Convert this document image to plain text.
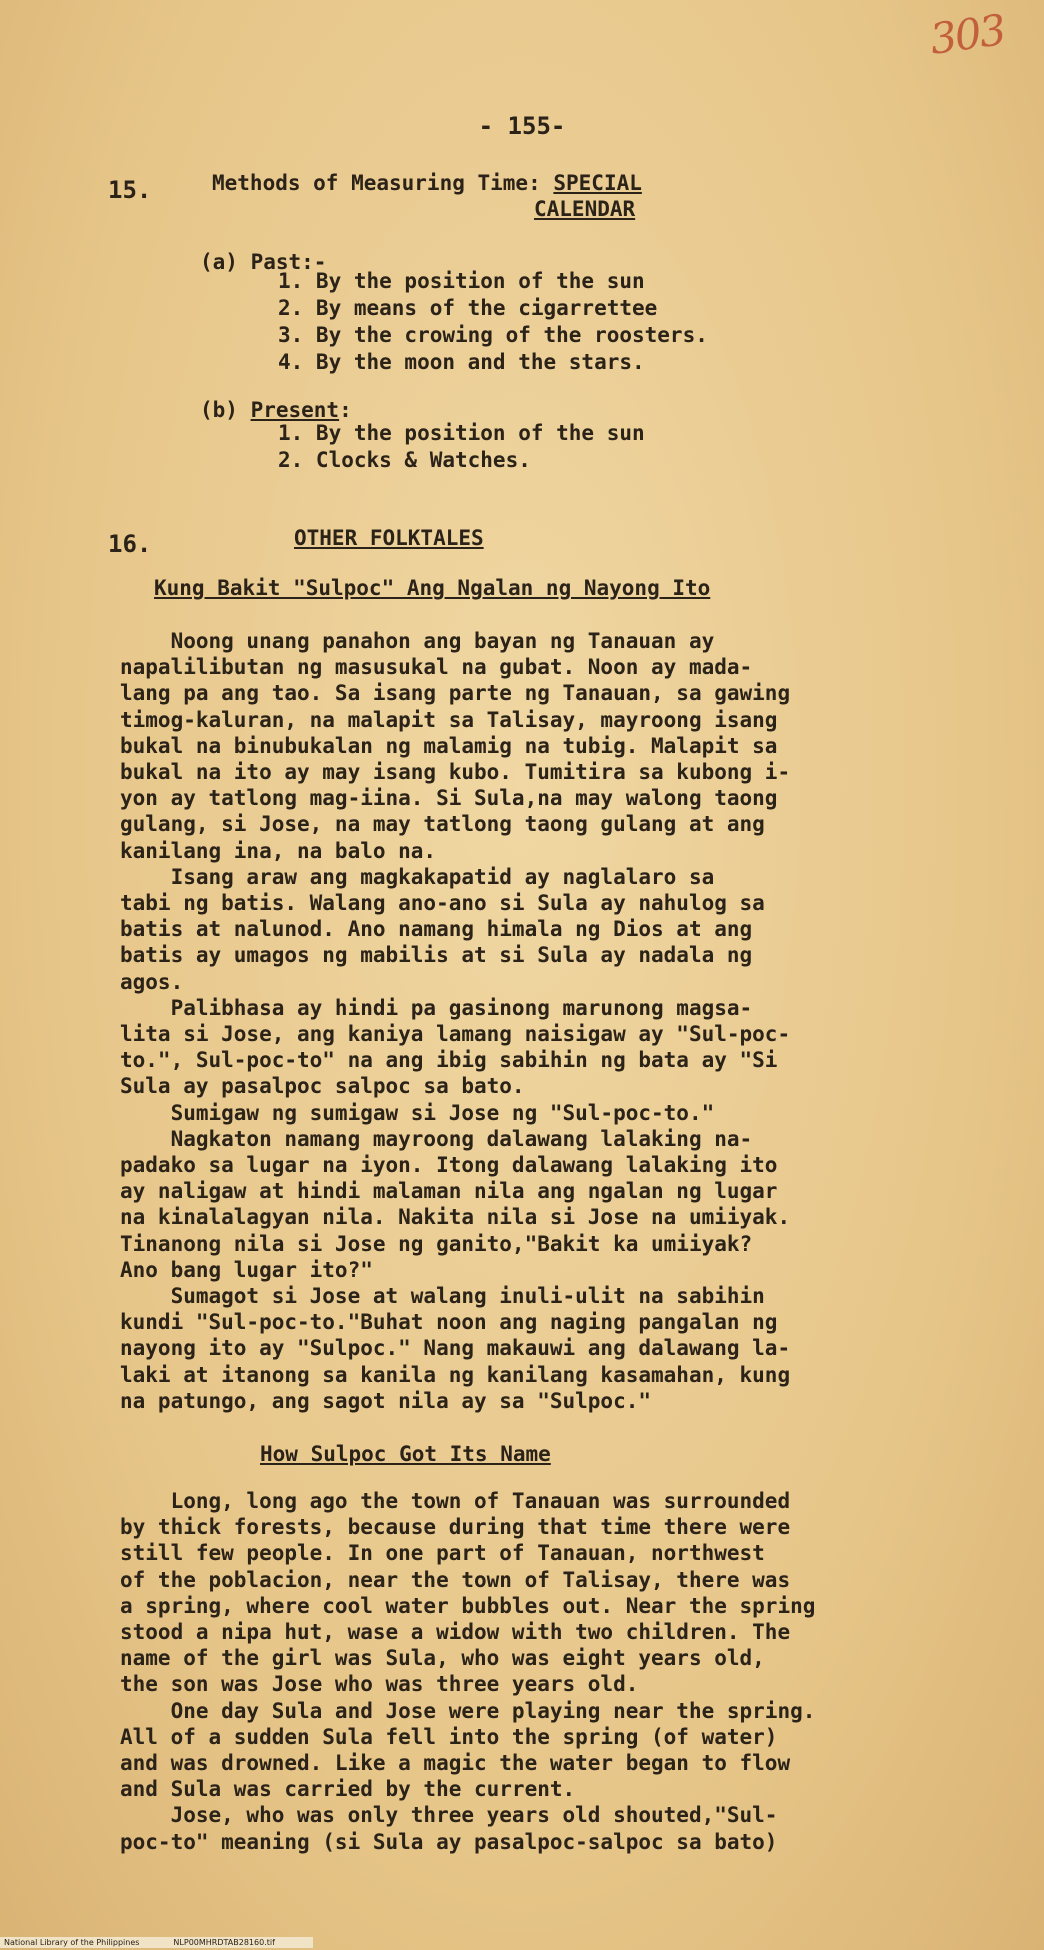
303
- 155-
15.	Methods of Measuring Time: SPECIAL
CALENDAR
(a) Past:-
1. By the position of the sun
2. By means of the cigarrettee
3. By the crowing of the roosters.
4. By the moon and the stars.
(b) Present:
1. By the position of the sun
2. Clocks & Watches.
16.	OTHER FOLKTALES
Kung Bakit "Sulpoc" Ang Ngalan ng Nayong Ito
Noong unang panahon ang bayan ng Tanauan ay
napalilibutan ng masusukal na gubat. Noon ay mada-
lang pa ang tao. Sa isang parte ng Tanauan, sa gawing
timog-kaluran, na malapit sa Talisay, mayroong isang
bukal na binubukalan ng malamig na tubig. Malapit sa
bukal na ito ay may isang kubo. Tumitira sa kubong i-
yon ay tatlong mag-iina. Si Sula,na may walong taong
gulang, si Jose, na may tatlong taong gulang at ang
kanilang ina, na balo na.
Isang araw ang magkakapatid ay naglalaro sa
tabi ng batis. Walang ano-ano si Sula ay nahulog sa
batis at nalunod. Ano namang himala ng Dios at ang
batis ay umagos ng mabilis at si Sula ay nadala ng
agos.
Palibhasa ay hindi pa gasinong marunong magsa-
lita si Jose, ang kaniya lamang naisigaw ay "Sul-poc-
to.", Sul-poc-to" na ang ibig sabihin ng bata ay "Si
Sula ay pasalpoc salpoc sa bato.
Sumigaw ng sumigaw si Jose ng "Sul-poc-to."
Nagkaton namang mayroong dalawang lalaking na-
padako sa lugar na iyon. Itong dalawang lalaking ito
ay naligaw at hindi malaman nila ang ngalan ng lugar
na kinalalagyan nila. Nakita nila si Jose na umiiyak.
Tinanong nila si Jose ng ganito,"Bakit ka umiiyak?
Ano bang lugar ito?"
Sumagot si Jose at walang inuli-ulit na sabihin
kundi "Sul-poc-to."Buhat noon ang naging pangalan ng
nayong ito ay "Sulpoc." Nang makauwi ang dalawang la-
laki at itanong sa kanila ng kanilang kasamahan, kung
na patungo, ang sagot nila ay sa "Sulpoc."
How Sulpoc Got Its Name
Long, long ago the town of Tanauan was surrounded
by thick forests, because during that time there were
still few people. In one part of Tanauan, northwest
of the poblacion, near the town of Talisay, there was
a spring, where cool water bubbles out. Near the spring
stood a nipa hut, wase a widow with two children. The
name of the girl was Sula, who was eight years old,
the son was Jose who was three years old.
One day Sula and Jose were playing near the spring.
All of a sudden Sula fell into the spring (of water)
and was drowned. Like a magic the water began to flow
and Sula was carried by the current.
Jose, who was only three years old shouted,"Sul-
poc-to" meaning (si Sula ay pasalpoc-salpoc sa bato)
National Library of the Philippines	NLP00MHRDTAB28160.tif
